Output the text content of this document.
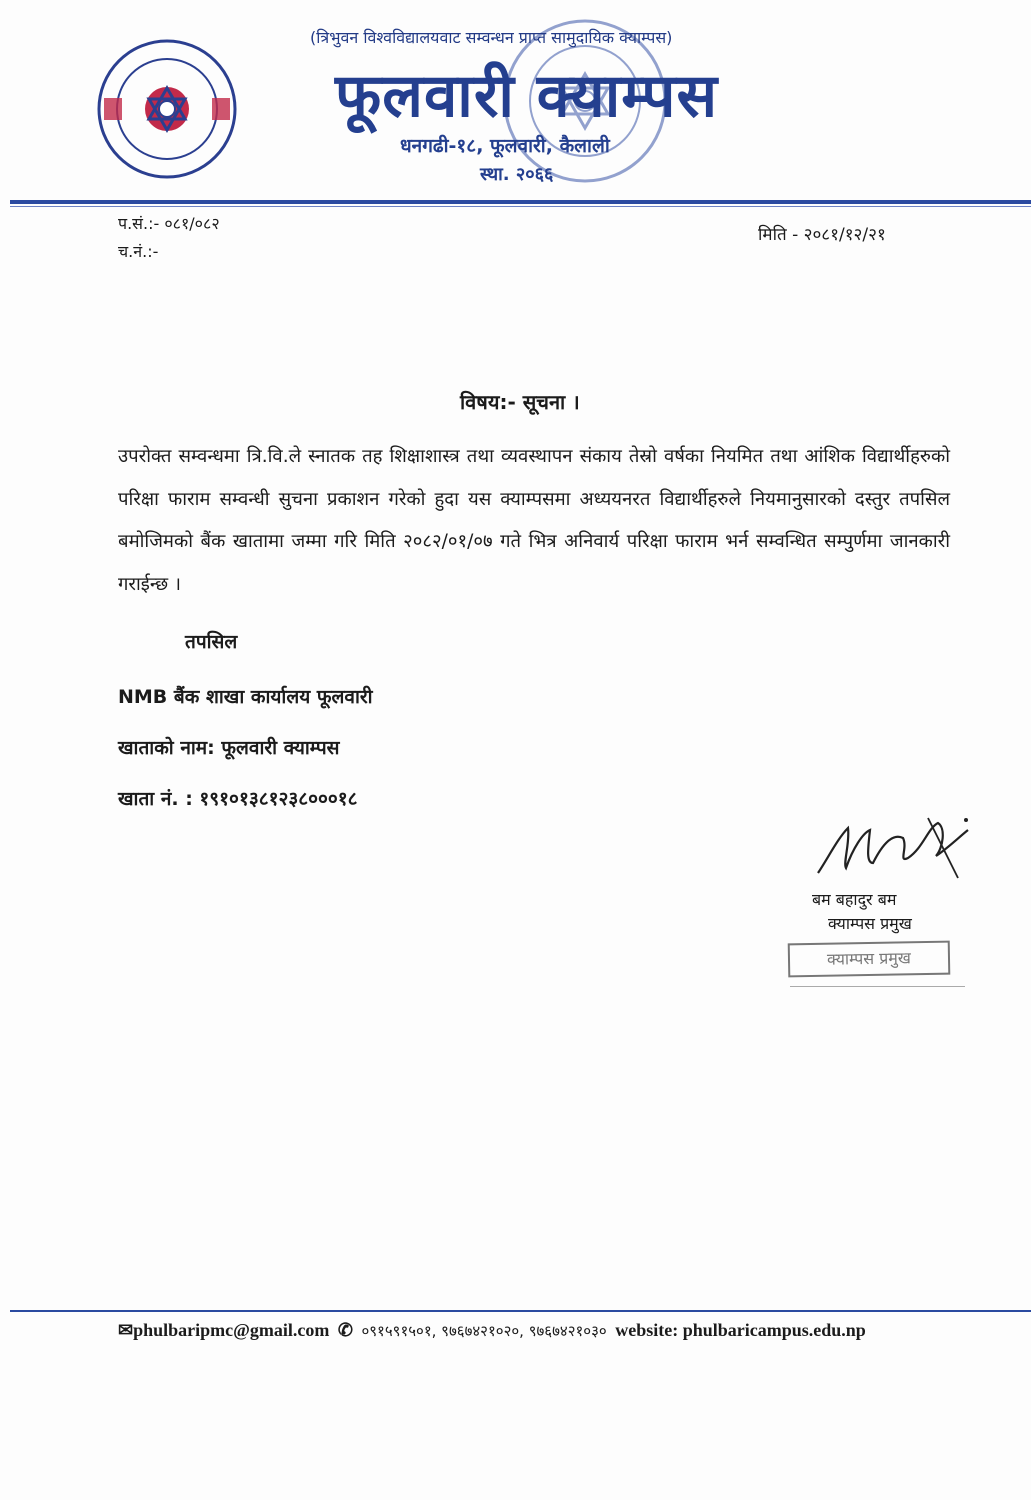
(त्रिभुवन विश्वविद्यालयवाट सम्वन्धन प्राप्त सामुदायिक क्याम्पस)
फूलवारी क्याम्पस
धनगढी-१८, फूलवारी, कैलाली
स्था. २०६६
प.सं.:- ०८१/०८२
च.नं.:-
मिति - २०८१/१२/२१
विषय:- सूचना ।
उपरोक्त सम्वन्धमा त्रि.वि.ले स्नातक तह शिक्षाशास्त्र तथा व्यवस्थापन संकाय तेस्रो वर्षका नियमित तथा आंशिक विद्यार्थीहरुको परिक्षा फाराम सम्वन्धी सुचना प्रकाशन गरेको हुदा यस क्याम्पसमा अध्ययनरत विद्यार्थीहरुले नियमानुसारको दस्तुर तपसिल बमोजिमको बैंक खातामा जम्मा गरि मिति २०८२/०१/०७ गते भित्र अनिवार्य परिक्षा फाराम भर्न सम्वन्धित सम्पुर्णमा जानकारी गराईन्छ ।
तपसिल
NMB बैंक शाखा कार्यालय फूलवारी
खाताको नाम: फूलवारी क्याम्पस
खाता नं. : १९१०१३८१२३८०००१८
बम बहादुर बम
क्याम्पस प्रमुख
क्याम्पस प्रमुख
✉phulbaripmc@gmail.com ✆ ०९१५९१५०१, ९७६७४२१०२०, ९७६७४२१०३० website: phulbaricampus.edu.np
